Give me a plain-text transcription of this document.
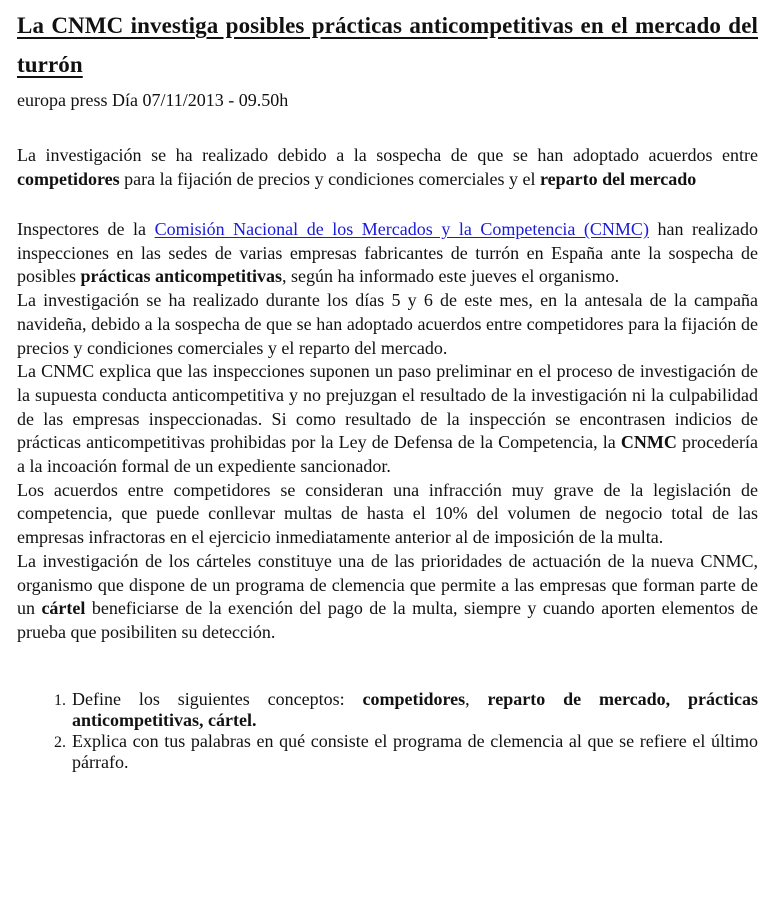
La CNMC investiga posibles prácticas anticompetitivas en el mercado del turrón
europa press Día 07/11/2013 - 09.50h

La investigación se ha realizado debido a la sospecha de que se han adoptado acuerdos entre competidores para la fijación de precios y condiciones comerciales y el reparto del mercado

Inspectores de la Comisión Nacional de los Mercados y la Competencia (CNMC) han realizado inspecciones en las sedes de varias empresas fabricantes de turrón en España ante la sospecha de posibles prácticas anticompetitivas, según ha informado este jueves el organismo.

La investigación se ha realizado durante los días 5 y 6 de este mes, en la antesala de la campaña navideña, debido a la sospecha de que se han adoptado acuerdos entre competidores para la fijación de precios y condiciones comerciales y el reparto del mercado.

La CNMC explica que las inspecciones suponen un paso preliminar en el proceso de investigación de la supuesta conducta anticompetitiva y no prejuzgan el resultado de la investigación ni la culpabilidad de las empresas inspeccionadas. Si como resultado de la inspección se encontrasen indicios de prácticas anticompetitivas prohibidas por la Ley de Defensa de la Competencia, la CNMC procedería a la incoación formal de un expediente sancionador.

Los acuerdos entre competidores se consideran una infracción muy grave de la legislación de competencia, que puede conllevar multas de hasta el 10% del volumen de negocio total de las empresas infractoras en el ejercicio inmediatamente anterior al de imposición de la multa.

La investigación de los cárteles constituye una de las prioridades de actuación de la nueva CNMC, organismo que dispone de un programa de clemencia que permite a las empresas que forman parte de un cártel beneficiarse de la exención del pago de la multa, siempre y cuando aporten elementos de prueba que posibiliten su detección.

1. Define los siguientes conceptos: competidores, reparto de mercado, prácticas anticompetitivas, cártel.
2. Explica con tus palabras en qué consiste el programa de clemencia al que se refiere el último párrafo.
